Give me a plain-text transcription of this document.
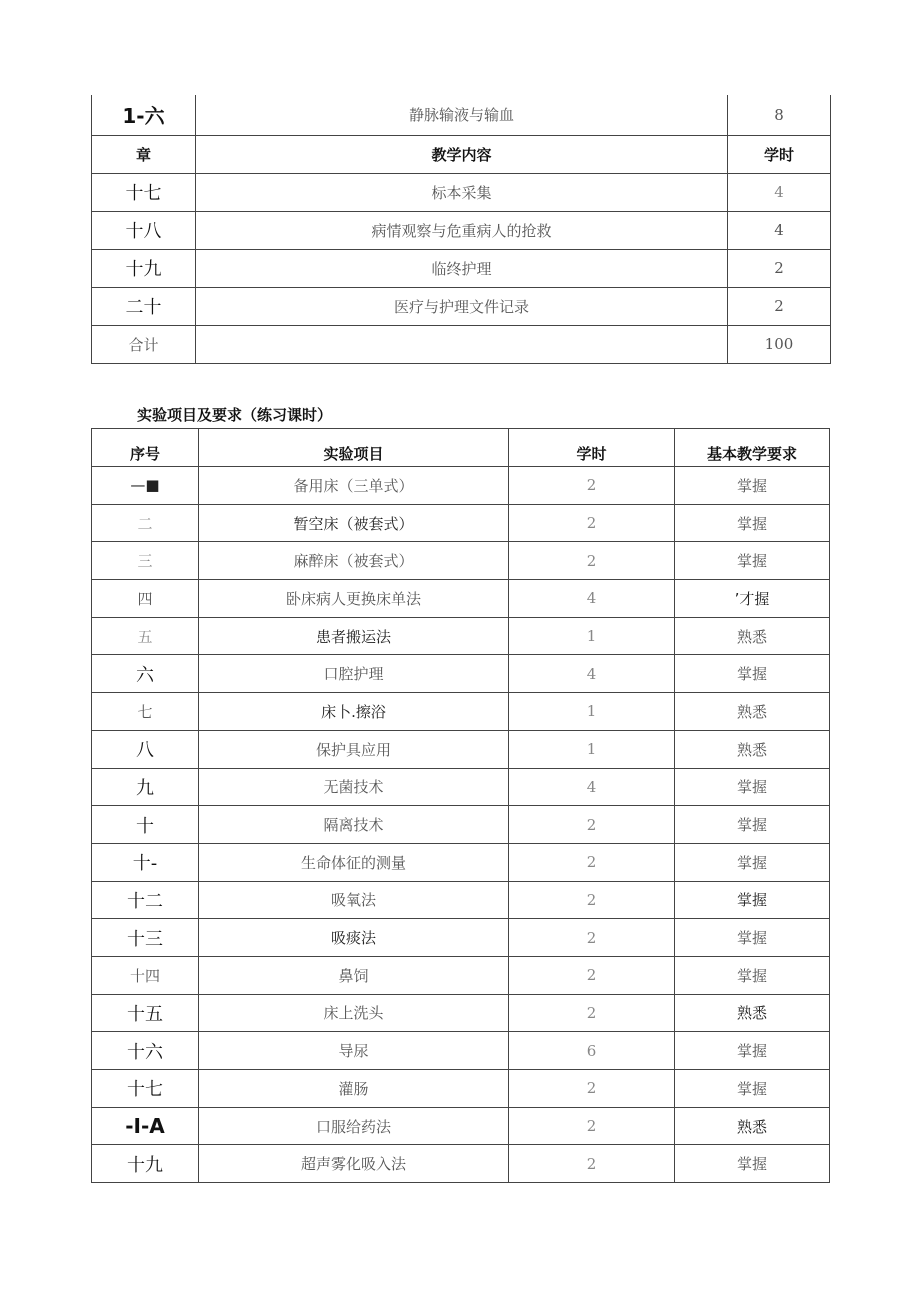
1-六	静脉输液与输血	8
章	教学内容	学时
十七	标本采集	4
十八	病情观察与危重病人的抢救	4
十九	临终护理	2
二十	医疗与护理文件记录	2
合计		100
实验项目及要求（练习课时）
序号	实验项目	学时	基本教学要求
—■	备用床（三单式）	2	掌握
二	暂空床（被套式）	2	掌握
三	麻醉床（被套式）	2	掌握
四	卧床病人更换床单法	4	’才握
五	患者搬运法	1	熟悉
六	口腔护理	4	掌握
七	床卜.擦浴	1	熟悉
八	保护具应用	1	熟悉
九	无菌技术	4	掌握
十	隔离技术	2	掌握
十-	生命体征的测量	2	掌握
十二	吸氧法	2	掌握
十三	吸痰法	2	掌握
十四	鼻饲	2	掌握
十五	床上洗头	2	熟悉
十六	导尿	6	掌握
十七	灌肠	2	掌握
-I-A	口服给药法	2	熟悉
十九	超声雾化吸入法	2	掌握
